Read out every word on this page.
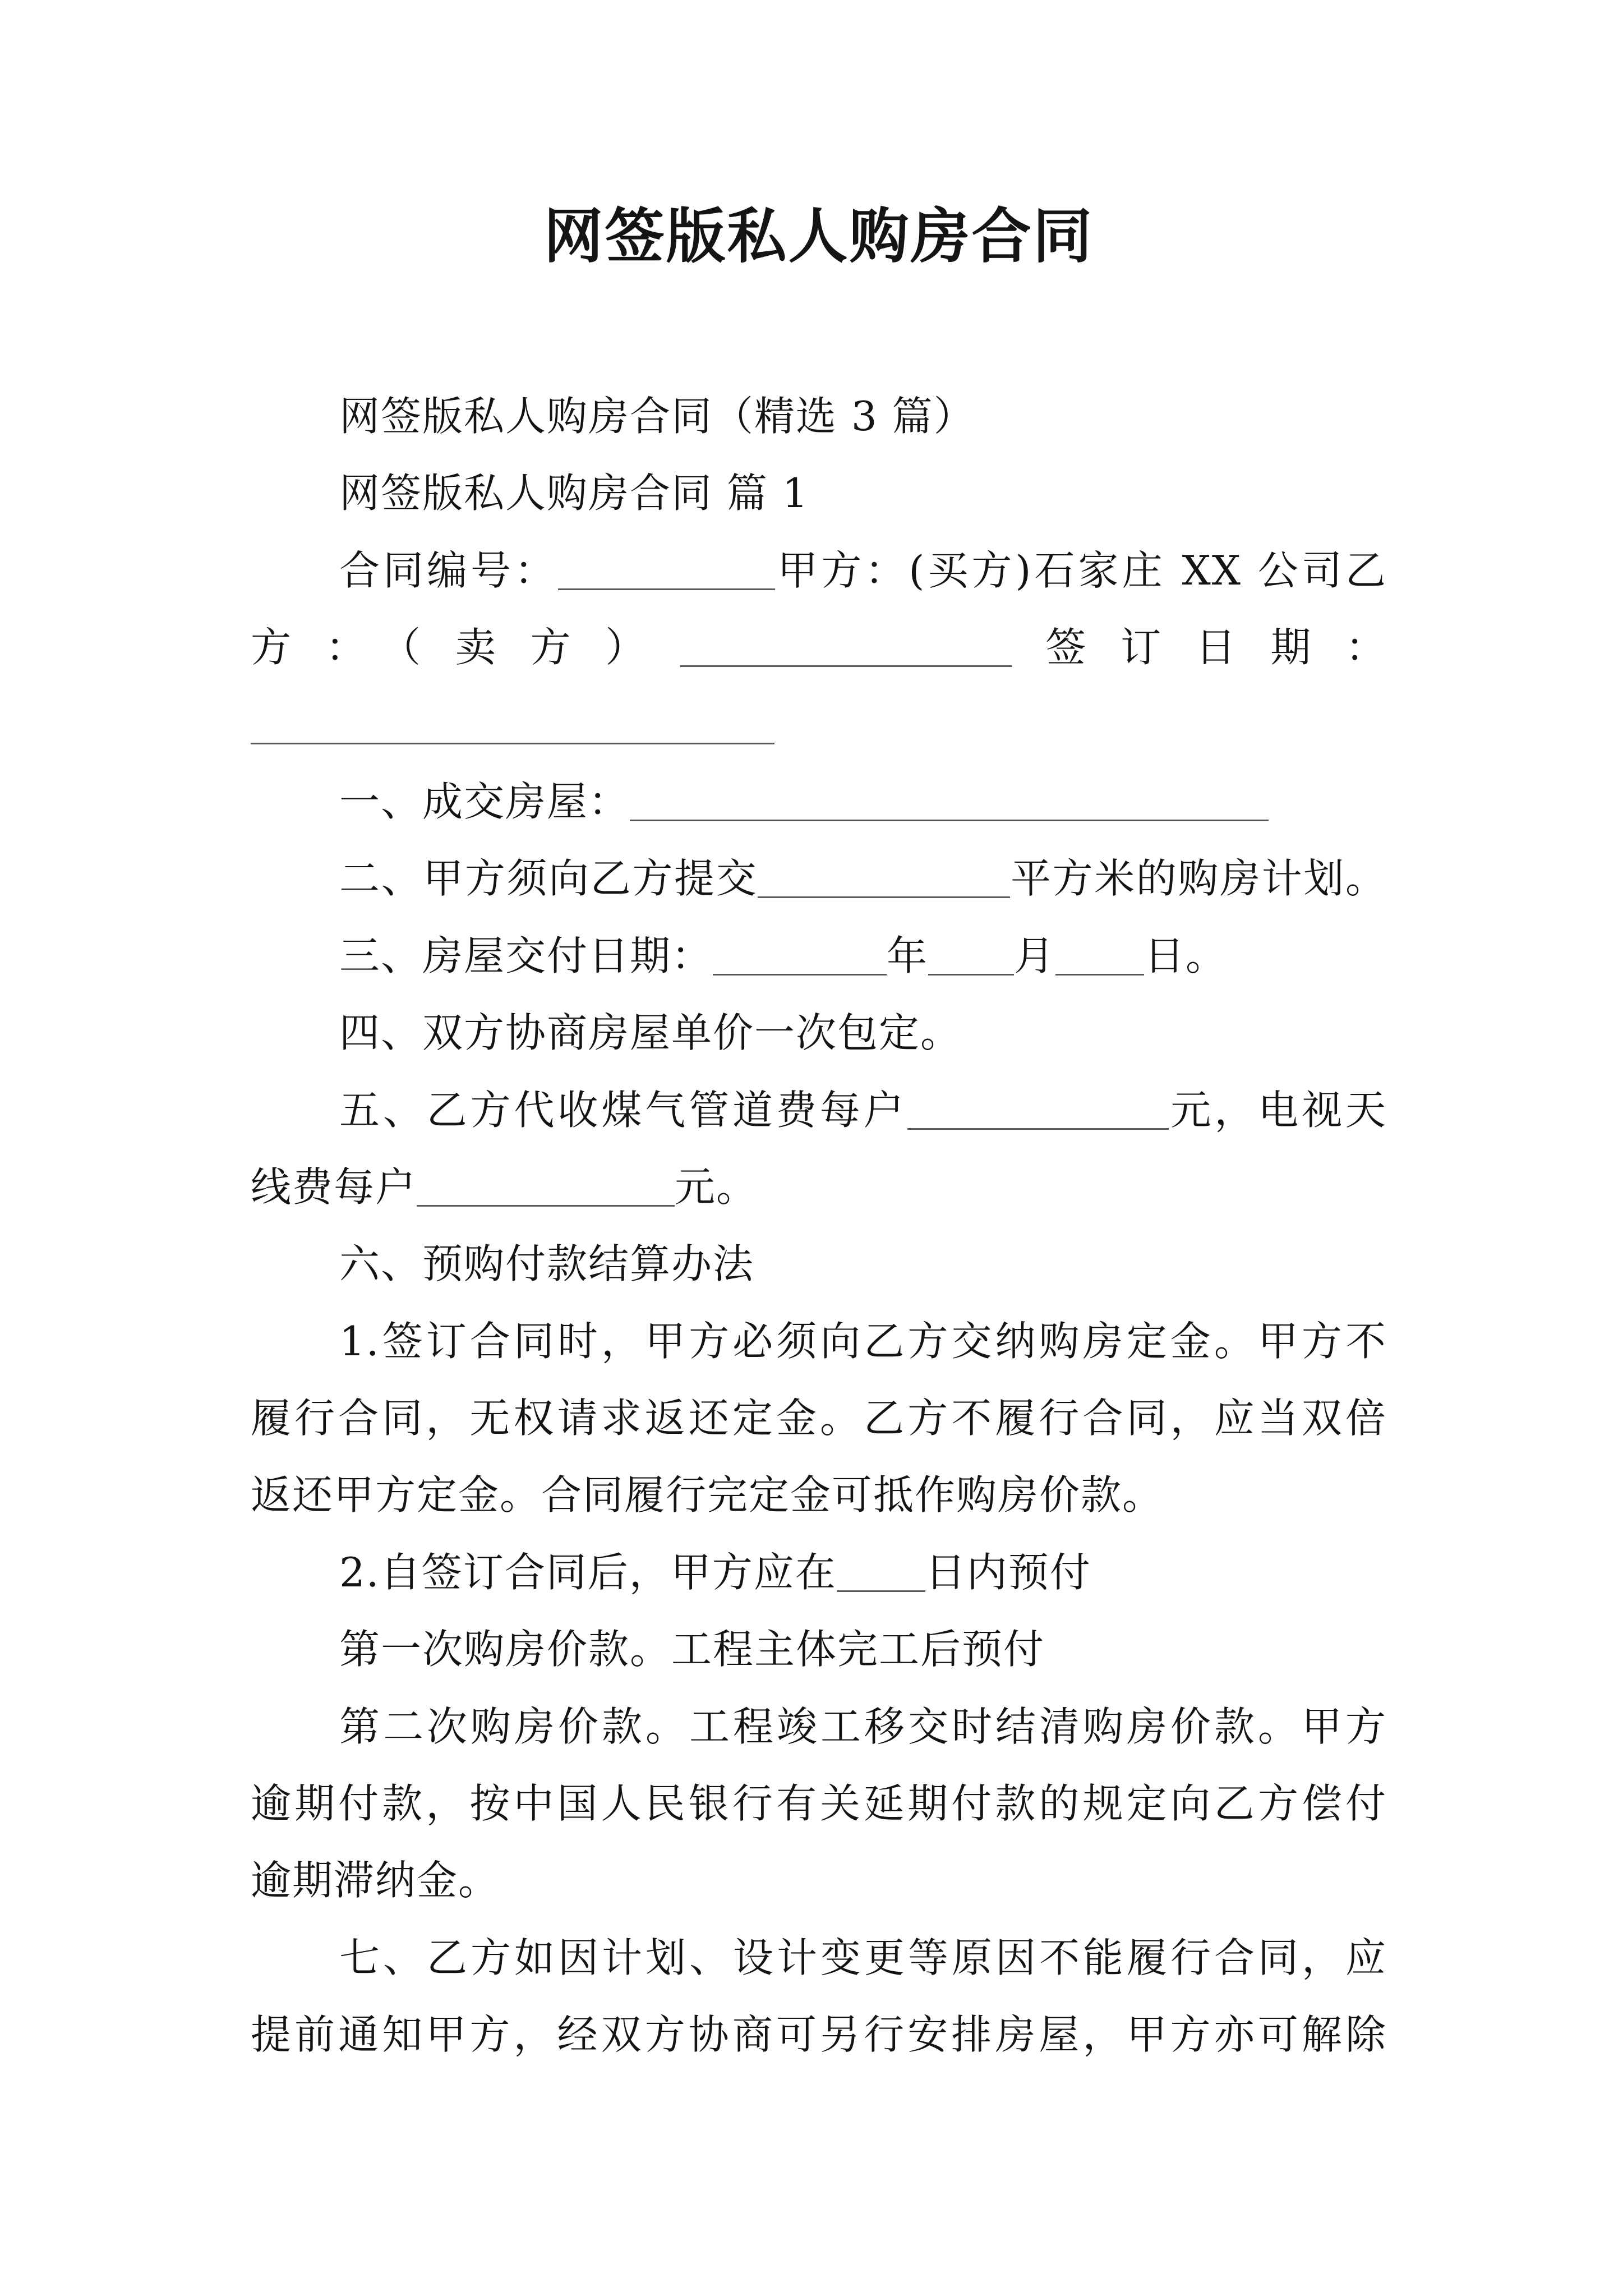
网签版私人购房合同
网签版私人购房合同（精选 3 篇）
网签版私人购房合同 篇 1
合同编号：	甲方：(买方)石家庄 XX 公司乙
方：（卖方）	签订日期：
一、成交房屋：
二、甲方须向乙方提交	平方米的购房计划。
三、房屋交付日期：	年 月 日。
四、双方协商房屋单价一次包定。
五、乙方代收煤气管道费每户	元，电视天
线费每户	元。
六、预购付款结算办法
1.签订合同时，甲方必须向乙方交纳购房定金。甲方不
履行合同，无权请求返还定金。乙方不履行合同，应当双倍
返还甲方定金。合同履行完定金可抵作购房价款。
2.自签订合同后，甲方应在 日内预付
第一次购房价款。工程主体完工后预付
第二次购房价款。工程竣工移交时结清购房价款。甲方
逾期付款，按中国人民银行有关延期付款的规定向乙方偿付
逾期滞纳金。
七、乙方如因计划、设计变更等原因不能履行合同，应
提前通知甲方，经双方协商可另行安排房屋，甲方亦可解除
